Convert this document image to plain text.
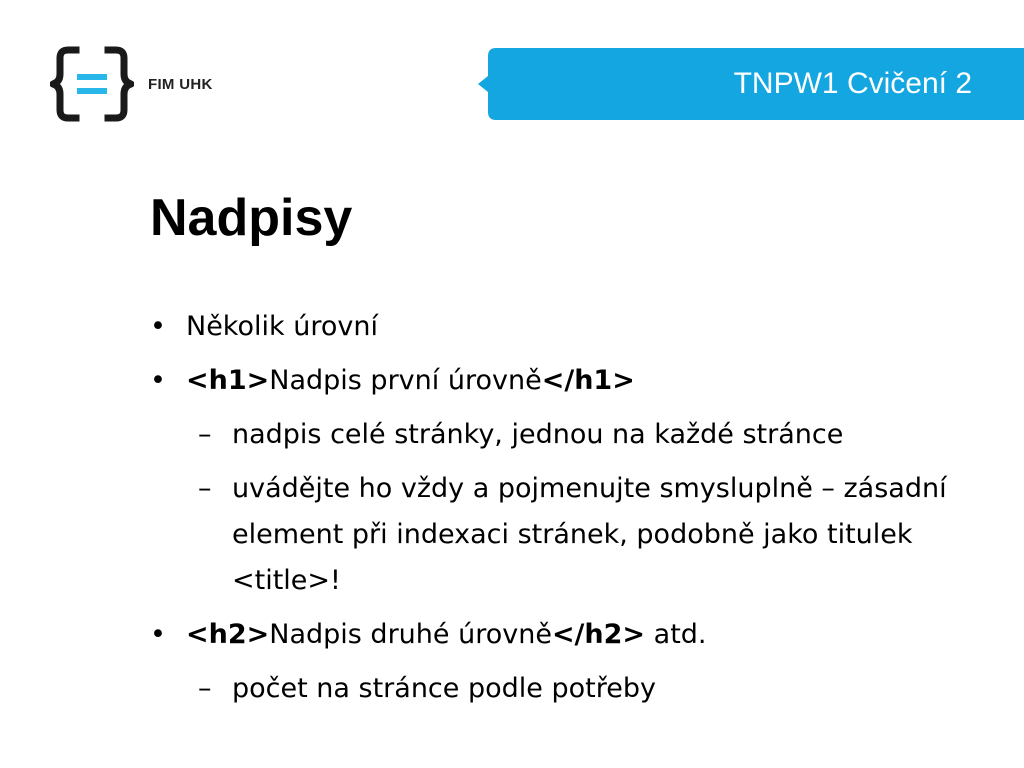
FIM UHK	TNPW1 Cvičení 2
Nadpisy
• Několik úrovní
• <h1>Nadpis první úrovně</h1>
– nadpis celé stránky, jednou na každé stránce
– uvádějte ho vždy a pojmenujte smysluplně – zásadní element při indexaci stránek, podobně jako titulek <title>!
• <h2>Nadpis druhé úrovně</h2> atd.
– počet na stránce podle potřeby
